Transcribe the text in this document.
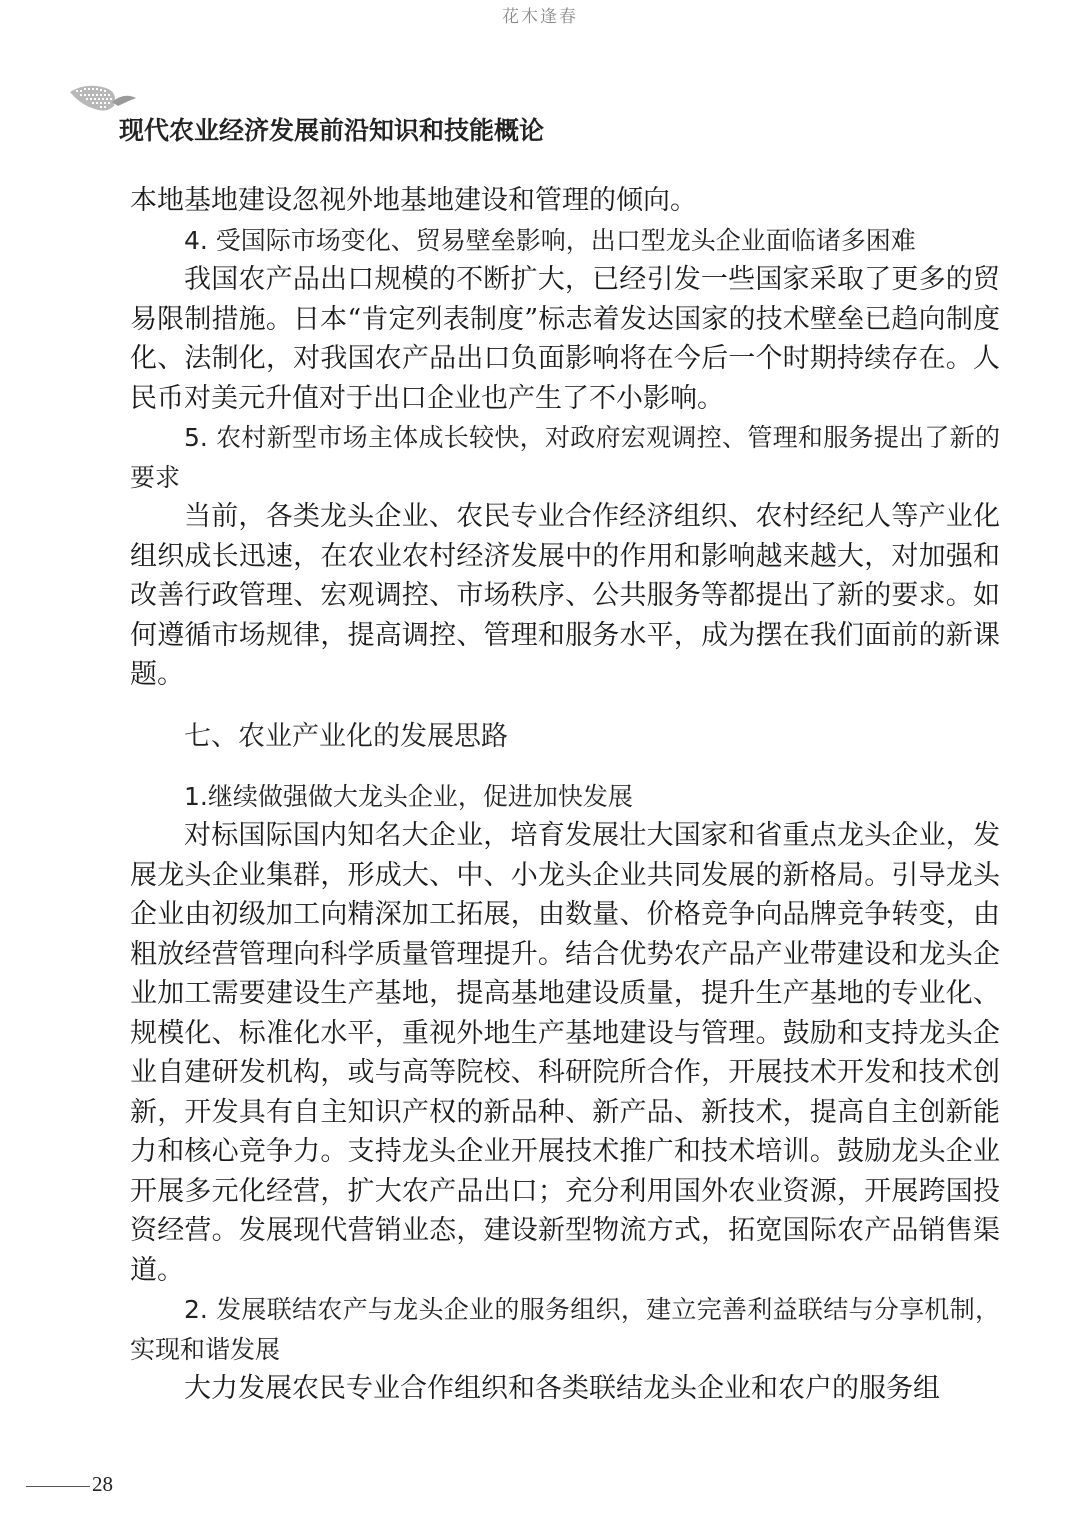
花木逢春
现代农业经济发展前沿知识和技能概论

本地基地建设忽视外地基地建设和管理的倾向。

4. 受国际市场变化、贸易壁垒影响，出口型龙头企业面临诸多困难

我国农产品出口规模的不断扩大，已经引发一些国家采取了更多的贸易限制措施。日本“肯定列表制度”标志着发达国家的技术壁垒已趋向制度化、法制化，对我国农产品出口负面影响将在今后一个时期持续存在。人民币对美元升值对于出口企业也产生了不小影响。

5. 农村新型市场主体成长较快，对政府宏观调控、管理和服务提出了新的要求

当前，各类龙头企业、农民专业合作经济组织、农村经纪人等产业化组织成长迅速，在农业农村经济发展中的作用和影响越来越大，对加强和改善行政管理、宏观调控、市场秩序、公共服务等都提出了新的要求。如何遵循市场规律，提高调控、管理和服务水平，成为摆在我们面前的新课题。

七、农业产业化的发展思路

1.继续做强做大龙头企业，促进加快发展

对标国际国内知名大企业，培育发展壮大国家和省重点龙头企业，发展龙头企业集群，形成大、中、小龙头企业共同发展的新格局。引导龙头企业由初级加工向精深加工拓展，由数量、价格竞争向品牌竞争转变，由粗放经营管理向科学质量管理提升。结合优势农产品产业带建设和龙头企业加工需要建设生产基地，提高基地建设质量，提升生产基地的专业化、规模化、标准化水平，重视外地生产基地建设与管理。鼓励和支持龙头企业自建研发机构，或与高等院校、科研院所合作，开展技术开发和技术创新，开发具有自主知识产权的新品种、新产品、新技术，提高自主创新能力和核心竞争力。支持龙头企业开展技术推广和技术培训。鼓励龙头企业开展多元化经营，扩大农产品出口；充分利用国外农业资源，开展跨国投资经营。发展现代营销业态，建设新型物流方式，拓宽国际农产品销售渠道。

2. 发展联结农产与龙头企业的服务组织，建立完善利益联结与分享机制，实现和谐发展

大力发展农民专业合作组织和各类联结龙头企业和农户的服务组

28
